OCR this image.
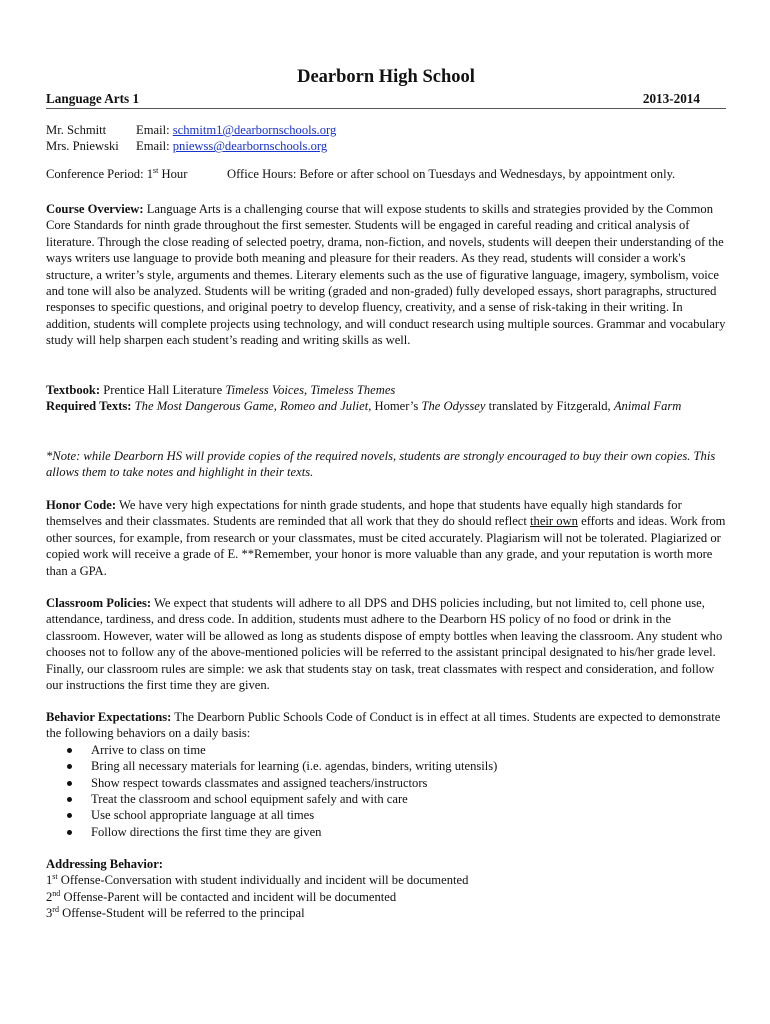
Dearborn High School
Language Arts 1	2013-2014
Mr. Schmitt Email: schmitm1@dearbornschools.org
Mrs. Pniewski Email: pniewss@dearbornschools.org
Conference Period: 1st Hour	Office Hours: Before or after school on Tuesdays and Wednesdays, by appointment only.

Course Overview: Language Arts is a challenging course that will expose students to skills and strategies provided by the Common Core Standards for ninth grade throughout the first semester. Students will be engaged in careful reading and critical analysis of literature. Through the close reading of selected poetry, drama, non-fiction, and novels, students will deepen their understanding of the ways writers use language to provide both meaning and pleasure for their readers. As they read, students will consider a work's structure, a writer’s style, arguments and themes. Literary elements such as the use of figurative language, imagery, symbolism, voice and tone will also be analyzed. Students will be writing (graded and non-graded) fully developed essays, short paragraphs, structured responses to specific questions, and original poetry to develop fluency, creativity, and a sense of risk-taking in their writing. In addition, students will complete projects using technology, and will conduct research using multiple sources. Grammar and vocabulary study will help sharpen each student’s reading and writing skills as well.

Textbook: Prentice Hall Literature Timeless Voices, Timeless Themes
Required Texts: The Most Dangerous Game, Romeo and Juliet, Homer’s The Odyssey translated by Fitzgerald, Animal Farm

*Note: while Dearborn HS will provide copies of the required novels, students are strongly encouraged to buy their own copies. This allows them to take notes and highlight in their texts.

Honor Code: We have very high expectations for ninth grade students, and hope that students have equally high standards for themselves and their classmates. Students are reminded that all work that they do should reflect their own efforts and ideas. Work from other sources, for example, from research or your classmates, must be cited accurately. Plagiarism will not be tolerated. Plagiarized or copied work will receive a grade of E. **Remember, your honor is more valuable than any grade, and your reputation is worth more than a GPA.

Classroom Policies: We expect that students will adhere to all DPS and DHS policies including, but not limited to, cell phone use, attendance, tardiness, and dress code. In addition, students must adhere to the Dearborn HS policy of no food or drink in the classroom. However, water will be allowed as long as students dispose of empty bottles when leaving the classroom. Any student who chooses not to follow any of the above-mentioned policies will be referred to the assistant principal designated to his/her grade level. Finally, our classroom rules are simple: we ask that students stay on task, treat classmates with respect and consideration, and follow our instructions the first time they are given.

Behavior Expectations: The Dearborn Public Schools Code of Conduct is in effect at all times. Students are expected to demonstrate the following behaviors on a daily basis:
Arrive to class on time
Bring all necessary materials for learning (i.e. agendas, binders, writing utensils)
Show respect towards classmates and assigned teachers/instructors
Treat the classroom and school equipment safely and with care
Use school appropriate language at all times
Follow directions the first time they are given
Addressing Behavior:
1st Offense-Conversation with student individually and incident will be documented
2nd Offense-Parent will be contacted and incident will be documented
3rd Offense-Student will be referred to the principal
